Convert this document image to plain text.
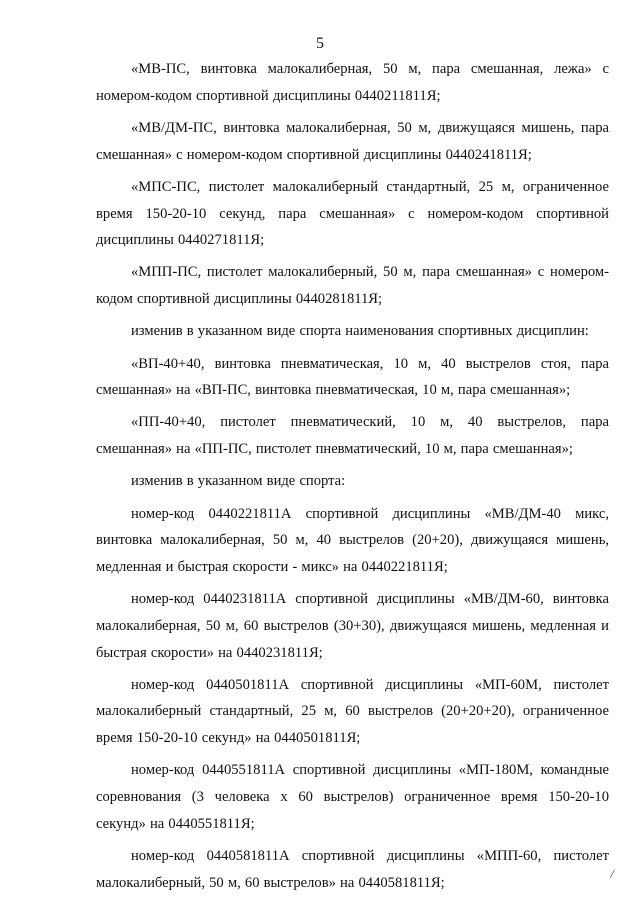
5

«МВ-ПС, винтовка малокалиберная, 50 м, пара смешанная, лежа» с номером-кодом спортивной дисциплины 0440211811Я;

«МВ/ДМ-ПС, винтовка малокалиберная, 50 м, движущаяся мишень, пара смешанная» с номером-кодом спортивной дисциплины 0440241811Я;

«МПС-ПС, пистолет малокалиберный стандартный, 25 м, ограниченное время 150-20-10 секунд, пара смешанная» с номером-кодом спортивной дисциплины 0440271811Я;

«МПП-ПС, пистолет малокалиберный, 50 м, пара смешанная» с номером-кодом спортивной дисциплины 0440281811Я;

изменив в указанном виде спорта наименования спортивных дисциплин:

«ВП-40+40, винтовка пневматическая, 10 м, 40 выстрелов стоя, пара смешанная» на «ВП-ПС, винтовка пневматическая, 10 м, пара смешанная»;

«ПП-40+40, пистолет пневматический, 10 м, 40 выстрелов, пара смешанная» на «ПП-ПС, пистолет пневматический, 10 м, пара смешанная»;

изменив в указанном виде спорта:

номер-код 0440221811А спортивной дисциплины «МВ/ДМ-40 микс, винтовка малокалиберная, 50 м, 40 выстрелов (20+20), движущаяся мишень, медленная и быстрая скорости - микс» на 0440221811Я;

номер-код 0440231811А спортивной дисциплины «МВ/ДМ-60, винтовка малокалиберная, 50 м, 60 выстрелов (30+30), движущаяся мишень, медленная и быстрая скорости» на 0440231811Я;

номер-код 0440501811А спортивной дисциплины «МП-60М, пистолет малокалиберный стандартный, 25 м, 60 выстрелов (20+20+20), ограниченное время 150-20-10 секунд» на 0440501811Я;

номер-код 0440551811А спортивной дисциплины «МП-180М, командные соревнования (3 человека х 60 выстрелов) ограниченное время 150-20-10 секунд» на 0440551811Я;

номер-код 0440581811А спортивной дисциплины «МПП-60, пистолет малокалиберный, 50 м, 60 выстрелов» на 0440581811Я;

/
